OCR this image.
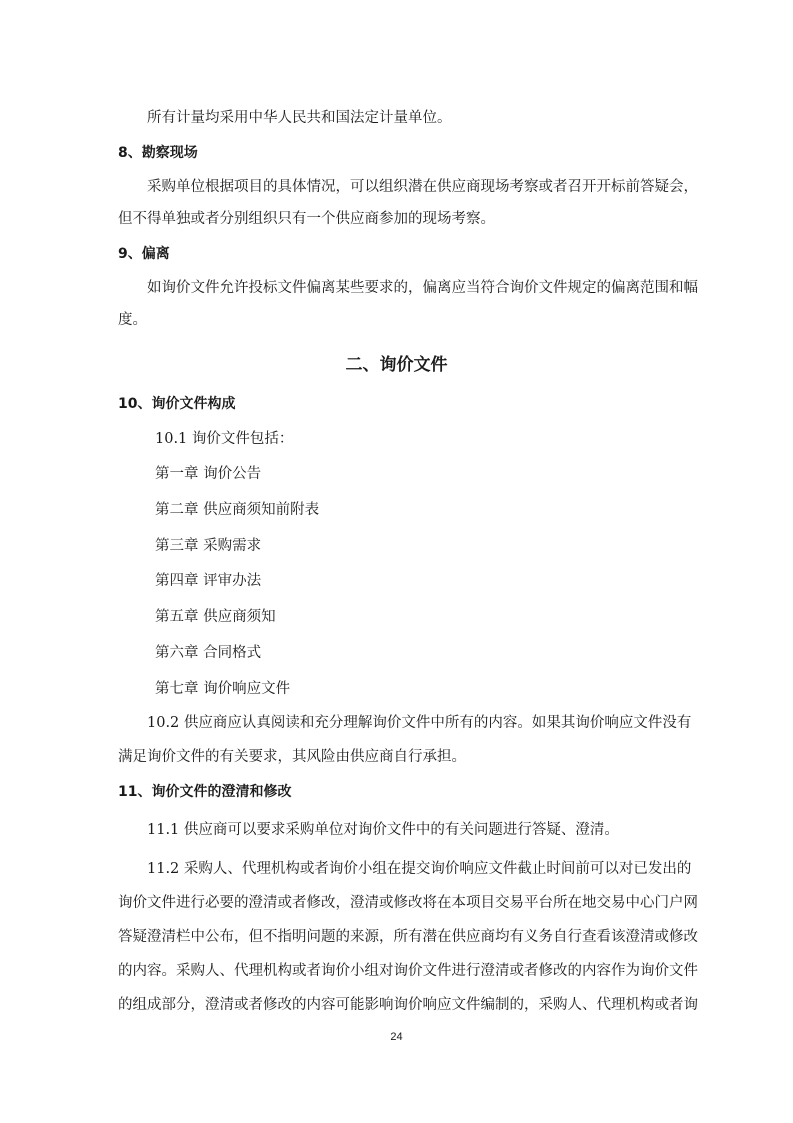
所有计量均采用中华人民共和国法定计量单位。
8、勘察现场
采购单位根据项目的具体情况，可以组织潜在供应商现场考察或者召开开标前答疑会，
但不得单独或者分别组织只有一个供应商参加的现场考察。
9、偏离
如询价文件允许投标文件偏离某些要求的，偏离应当符合询价文件规定的偏离范围和幅
度。
二、询价文件
10、询价文件构成
10.1 询价文件包括：
第一章 询价公告
第二章 供应商须知前附表
第三章 采购需求
第四章 评审办法
第五章 供应商须知
第六章 合同格式
第七章 询价响应文件
10.2 供应商应认真阅读和充分理解询价文件中所有的内容。如果其询价响应文件没有
满足询价文件的有关要求，其风险由供应商自行承担。
11、询价文件的澄清和修改
11.1 供应商可以要求采购单位对询价文件中的有关问题进行答疑、澄清。
11.2 采购人、代理机构或者询价小组在提交询价响应文件截止时间前可以对已发出的
询价文件进行必要的澄清或者修改，澄清或修改将在本项目交易平台所在地交易中心门户网
答疑澄清栏中公布，但不指明问题的来源，所有潜在供应商均有义务自行查看该澄清或修改
的内容。采购人、代理机构或者询价小组对询价文件进行澄清或者修改的内容作为询价文件
的组成部分，澄清或者修改的内容可能影响询价响应文件编制的，采购人、代理机构或者询
24
